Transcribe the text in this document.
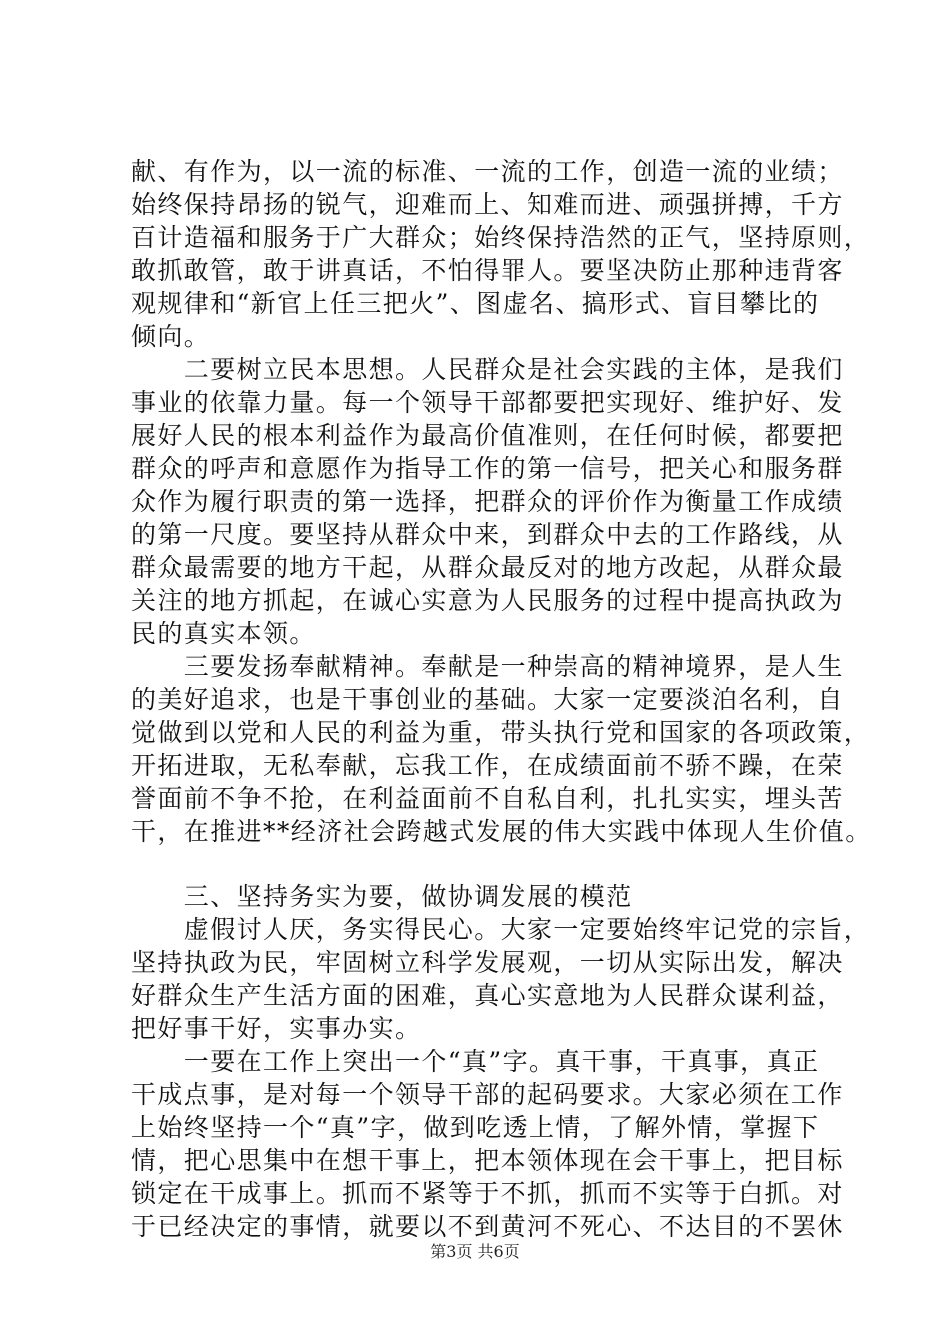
献、有作为，以一流的标准、一流的工作，创造一流的业绩；
始终保持昂扬的锐气，迎难而上、知难而进、顽强拼搏，千方
百计造福和服务于广大群众；始终保持浩然的正气，坚持原则，
敢抓敢管，敢于讲真话，不怕得罪人。要坚决防止那种违背客
观规律和“新官上任三把火”、图虚名、搞形式、盲目攀比的
倾向。
　　二要树立民本思想。人民群众是社会实践的主体，是我们
事业的依靠力量。每一个领导干部都要把实现好、维护好、发
展好人民的根本利益作为最高价值准则，在任何时候，都要把
群众的呼声和意愿作为指导工作的第一信号，把关心和服务群
众作为履行职责的第一选择，把群众的评价作为衡量工作成绩
的第一尺度。要坚持从群众中来，到群众中去的工作路线，从
群众最需要的地方干起，从群众最反对的地方改起，从群众最
关注的地方抓起，在诚心实意为人民服务的过程中提高执政为
民的真实本领。
　　三要发扬奉献精神。奉献是一种崇高的精神境界，是人生
的美好追求，也是干事创业的基础。大家一定要淡泊名利，自
觉做到以党和人民的利益为重，带头执行党和国家的各项政策，
开拓进取，无私奉献，忘我工作，在成绩面前不骄不躁，在荣
誉面前不争不抢，在利益面前不自私自利，扎扎实实，埋头苦
干，在推进**经济社会跨越式发展的伟大实践中体现人生价值。
　　三、坚持务实为要，做协调发展的模范
　　虚假讨人厌，务实得民心。大家一定要始终牢记党的宗旨，
坚持执政为民，牢固树立科学发展观，一切从实际出发，解决
好群众生产生活方面的困难，真心实意地为人民群众谋利益，
把好事干好，实事办实。
　　一要在工作上突出一个“真”字。真干事，干真事，真正
干成点事，是对每一个领导干部的起码要求。大家必须在工作
上始终坚持一个“真”字，做到吃透上情，了解外情，掌握下
情，把心思集中在想干事上，把本领体现在会干事上，把目标
锁定在干成事上。抓而不紧等于不抓，抓而不实等于白抓。对
于已经决定的事情，就要以不到黄河不死心、不达目的不罢休
第3页 共6页
